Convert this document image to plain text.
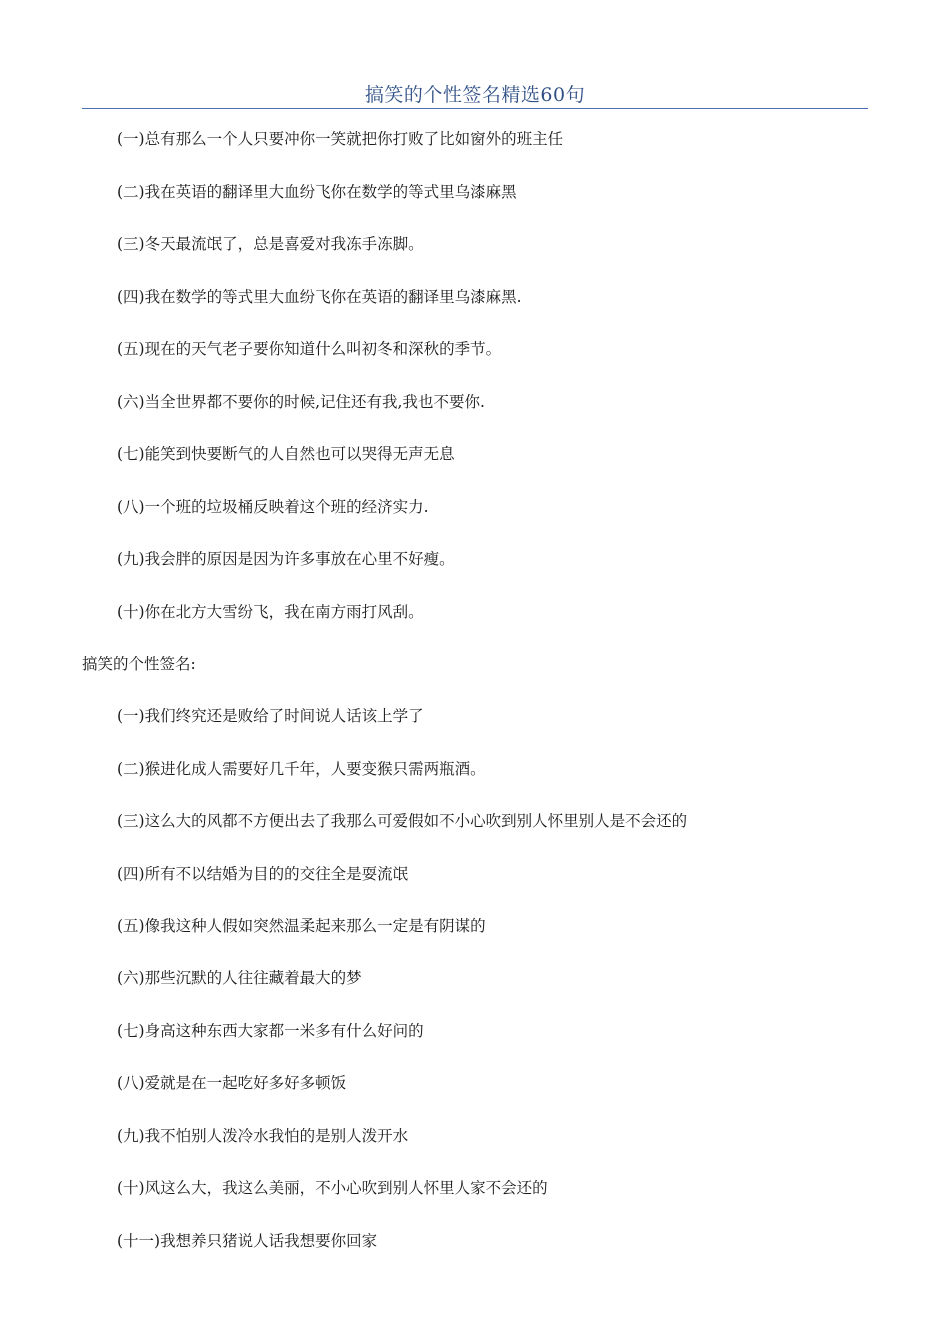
搞笑的个性签名精选60句
(一)总有那么一个人只要冲你一笑就把你打败了比如窗外的班主任
(二)我在英语的翻译里大血纷飞你在数学的等式里乌漆麻黑
(三)冬天最流氓了，总是喜爱对我冻手冻脚。
(四)我在数学的等式里大血纷飞你在英语的翻译里乌漆麻黑.
(五)现在的天气老子要你知道什么叫初冬和深秋的季节。
(六)当全世界都不要你的时候,记住还有我,我也不要你.
(七)能笑到快要断气的人自然也可以哭得无声无息
(八)一个班的垃圾桶反映着这个班的经济实力.
(九)我会胖的原因是因为许多事放在心里不好瘦。
(十)你在北方大雪纷飞，我在南方雨打风刮。
搞笑的个性签名:
(一)我们终究还是败给了时间说人话该上学了
(二)猴进化成人需要好几千年，人要变猴只需两瓶酒。
(三)这么大的风都不方便出去了我那么可爱假如不小心吹到别人怀里别人是不会还的
(四)所有不以结婚为目的的交往全是耍流氓
(五)像我这种人假如突然温柔起来那么一定是有阴谋的
(六)那些沉默的人往往藏着最大的梦
(七)身高这种东西大家都一米多有什么好问的
(八)爱就是在一起吃好多好多顿饭
(九)我不怕别人泼冷水我怕的是别人泼开水
(十)风这么大，我这么美丽，不小心吹到别人怀里人家不会还的
(十一)我想养只猪说人话我想要你回家
